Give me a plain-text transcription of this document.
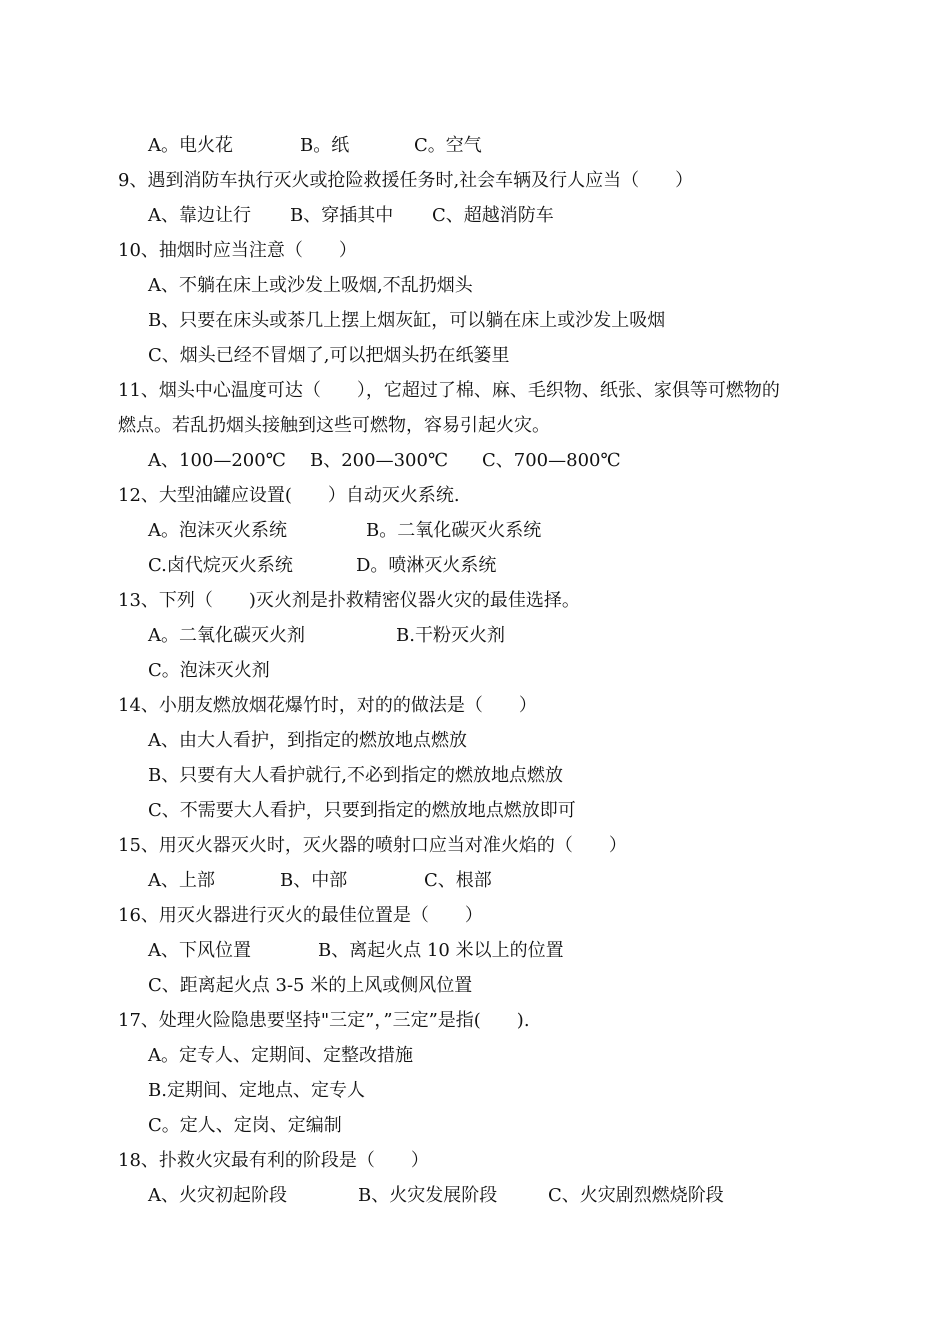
A。电火花	B。纸	C。空气
9、遇到消防车执行灭火或抢险救援任务时,社会车辆及行人应当（　　）
A、靠边让行 B、穿插其中 C、超越消防车
10、抽烟时应当注意（　　）
A、不躺在床上或沙发上吸烟,不乱扔烟头
B、只要在床头或茶几上摆上烟灰缸，可以躺在床上或沙发上吸烟
C、烟头已经不冒烟了,可以把烟头扔在纸篓里
11、烟头中心温度可达（　　），它超过了棉、麻、毛织物、纸张、家俱等可燃物的
燃点。若乱扔烟头接触到这些可燃物，容易引起火灾。
A、100—200℃ B、200—300℃ C、700—800℃
12、大型油罐应设置(　　）自动灭火系统.
A。泡沫灭火系统	B。二氧化碳灭火系统
C.卤代烷灭火系统	D。喷淋灭火系统
13、下列（　　)灭火剂是扑救精密仪器火灾的最佳选择。
A。二氧化碳灭火剂	B.干粉灭火剂
C。泡沫灭火剂
14、小朋友燃放烟花爆竹时，对的的做法是（　　）
A、由大人看护，到指定的燃放地点燃放
B、只要有大人看护就行,不必到指定的燃放地点燃放
C、不需要大人看护，只要到指定的燃放地点燃放即可
15、用灭火器灭火时，灭火器的喷射口应当对准火焰的（　　）
A、上部	B、中部	C、根部
16、用灭火器进行灭火的最佳位置是（　　）
A、下风位置	B、离起火点 10 米以上的位置
C、距离起火点 3-5 米的上风或侧风位置
17、处理火险隐患要坚持"三定”，”三定”是指(　　).
A。定专人、定期间、定整改措施
B.定期间、定地点、定专人
C。定人、定岗、定编制
18、扑救火灾最有利的阶段是（　　）
A、火灾初起阶段	B、火灾发展阶段	C、火灾剧烈燃烧阶段
